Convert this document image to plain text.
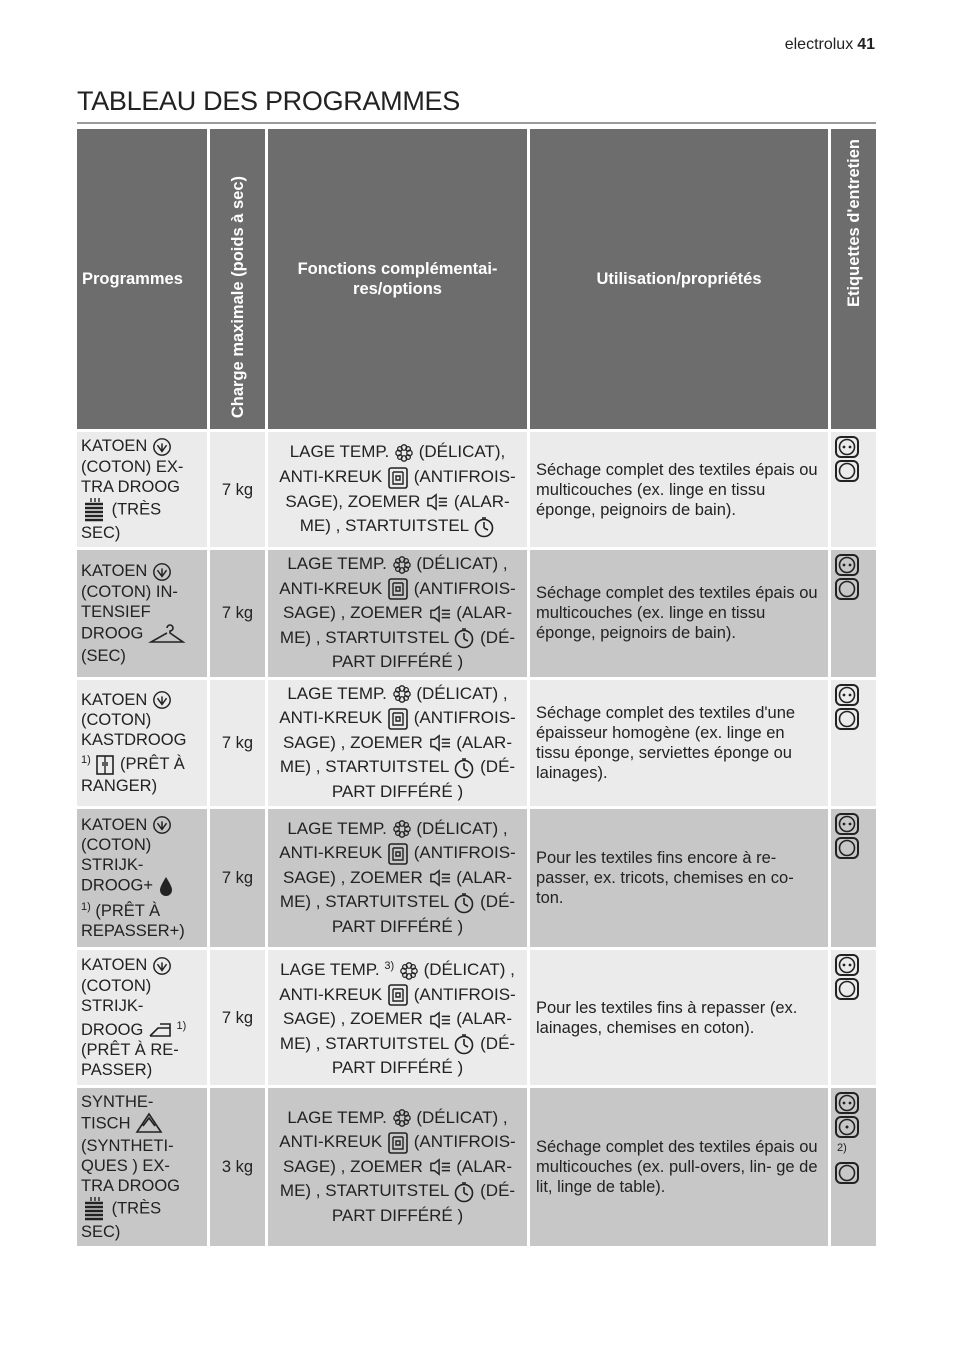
electrolux 41
TABLEAU DES PROGRAMMES
Programmes	Charge maximale (poids à sec)	Fonctions complémentai- res/options	Utilisation/propriétés	Etiquettes d'entretien
KATOEN  (COTON) EX- TRA DROOG
(TRÈS SEC)	7 kg	LAGE TEMP. (DÉLICAT),
ANTI-KREUK (ANTIFROIS-
SAGE), ZOEMER (ALAR-
ME) , STARTUITSTEL	Séchage complet des textiles épais ou multicouches (ex. linge en tissu éponge, peignoirs de bain).	

KATOEN  (COTON) IN- TENSIEF DROOG  (SEC)	7 kg	LAGE TEMP. (DÉLICAT) ,
ANTI-KREUK (ANTIFROIS-
SAGE) , ZOEMER (ALAR-
ME) , STARTUITSTEL (DÉ- PART DIFFÉRÉ )	Séchage complet des textiles épais ou multicouches (ex. linge en tissu éponge, peignoirs de bain).	

KATOEN  (COTON) KASTDROOG
$^{1)}$ (PRÊT À RANGER)	7 kg	LAGE TEMP. (DÉLICAT) ,
ANTI-KREUK (ANTIFROIS-
SAGE) , ZOEMER (ALAR-
ME) , STARTUITSTEL (DÉ- PART DIFFÉRÉ )	Séchage complet des textiles d'une épaisseur homogène (ex. linge en tissu éponge, serviettes éponge ou lainages).	

KATOEN  (COTON) STRIJK- DROOG+
$^{1)}$ (PRÊT À REPASSER+)	7 kg	LAGE TEMP. (DÉLICAT) ,
ANTI-KREUK (ANTIFROIS-
SAGE) , ZOEMER (ALAR-
ME) , STARTUITSTEL (DÉ- PART DIFFÉRÉ )	Pour les textiles fins encore à re- passer, ex. tricots, chemises en co- ton.	

KATOEN  (COTON) STRIJK- DROOG $^{1)}$ (PRÊT À RE- PASSER)	7 kg	LAGE TEMP. $^{3)}$ (DÉLICAT) ,
ANTI-KREUK (ANTIFROIS-
SAGE) , ZOEMER (ALAR-
ME) , STARTUITSTEL (DÉ- PART DIFFÉRÉ )	Pour les textiles fins à repasser (ex. lainages, chemises en coton).	

SYNTHE- TISCH  (SYNTHETI- QUES ) EX- TRA DROOG
(TRÈS SEC)	3 kg	LAGE TEMP. (DÉLICAT) ,
ANTI-KREUK (ANTIFROIS-
SAGE) , ZOEMER (ALAR-
ME) , STARTUITSTEL (DÉ- PART DIFFÉRÉ )	Séchage complet des textiles épais ou multicouches (ex. pull-overs, lin- ge de lit, linge de table).	2)
